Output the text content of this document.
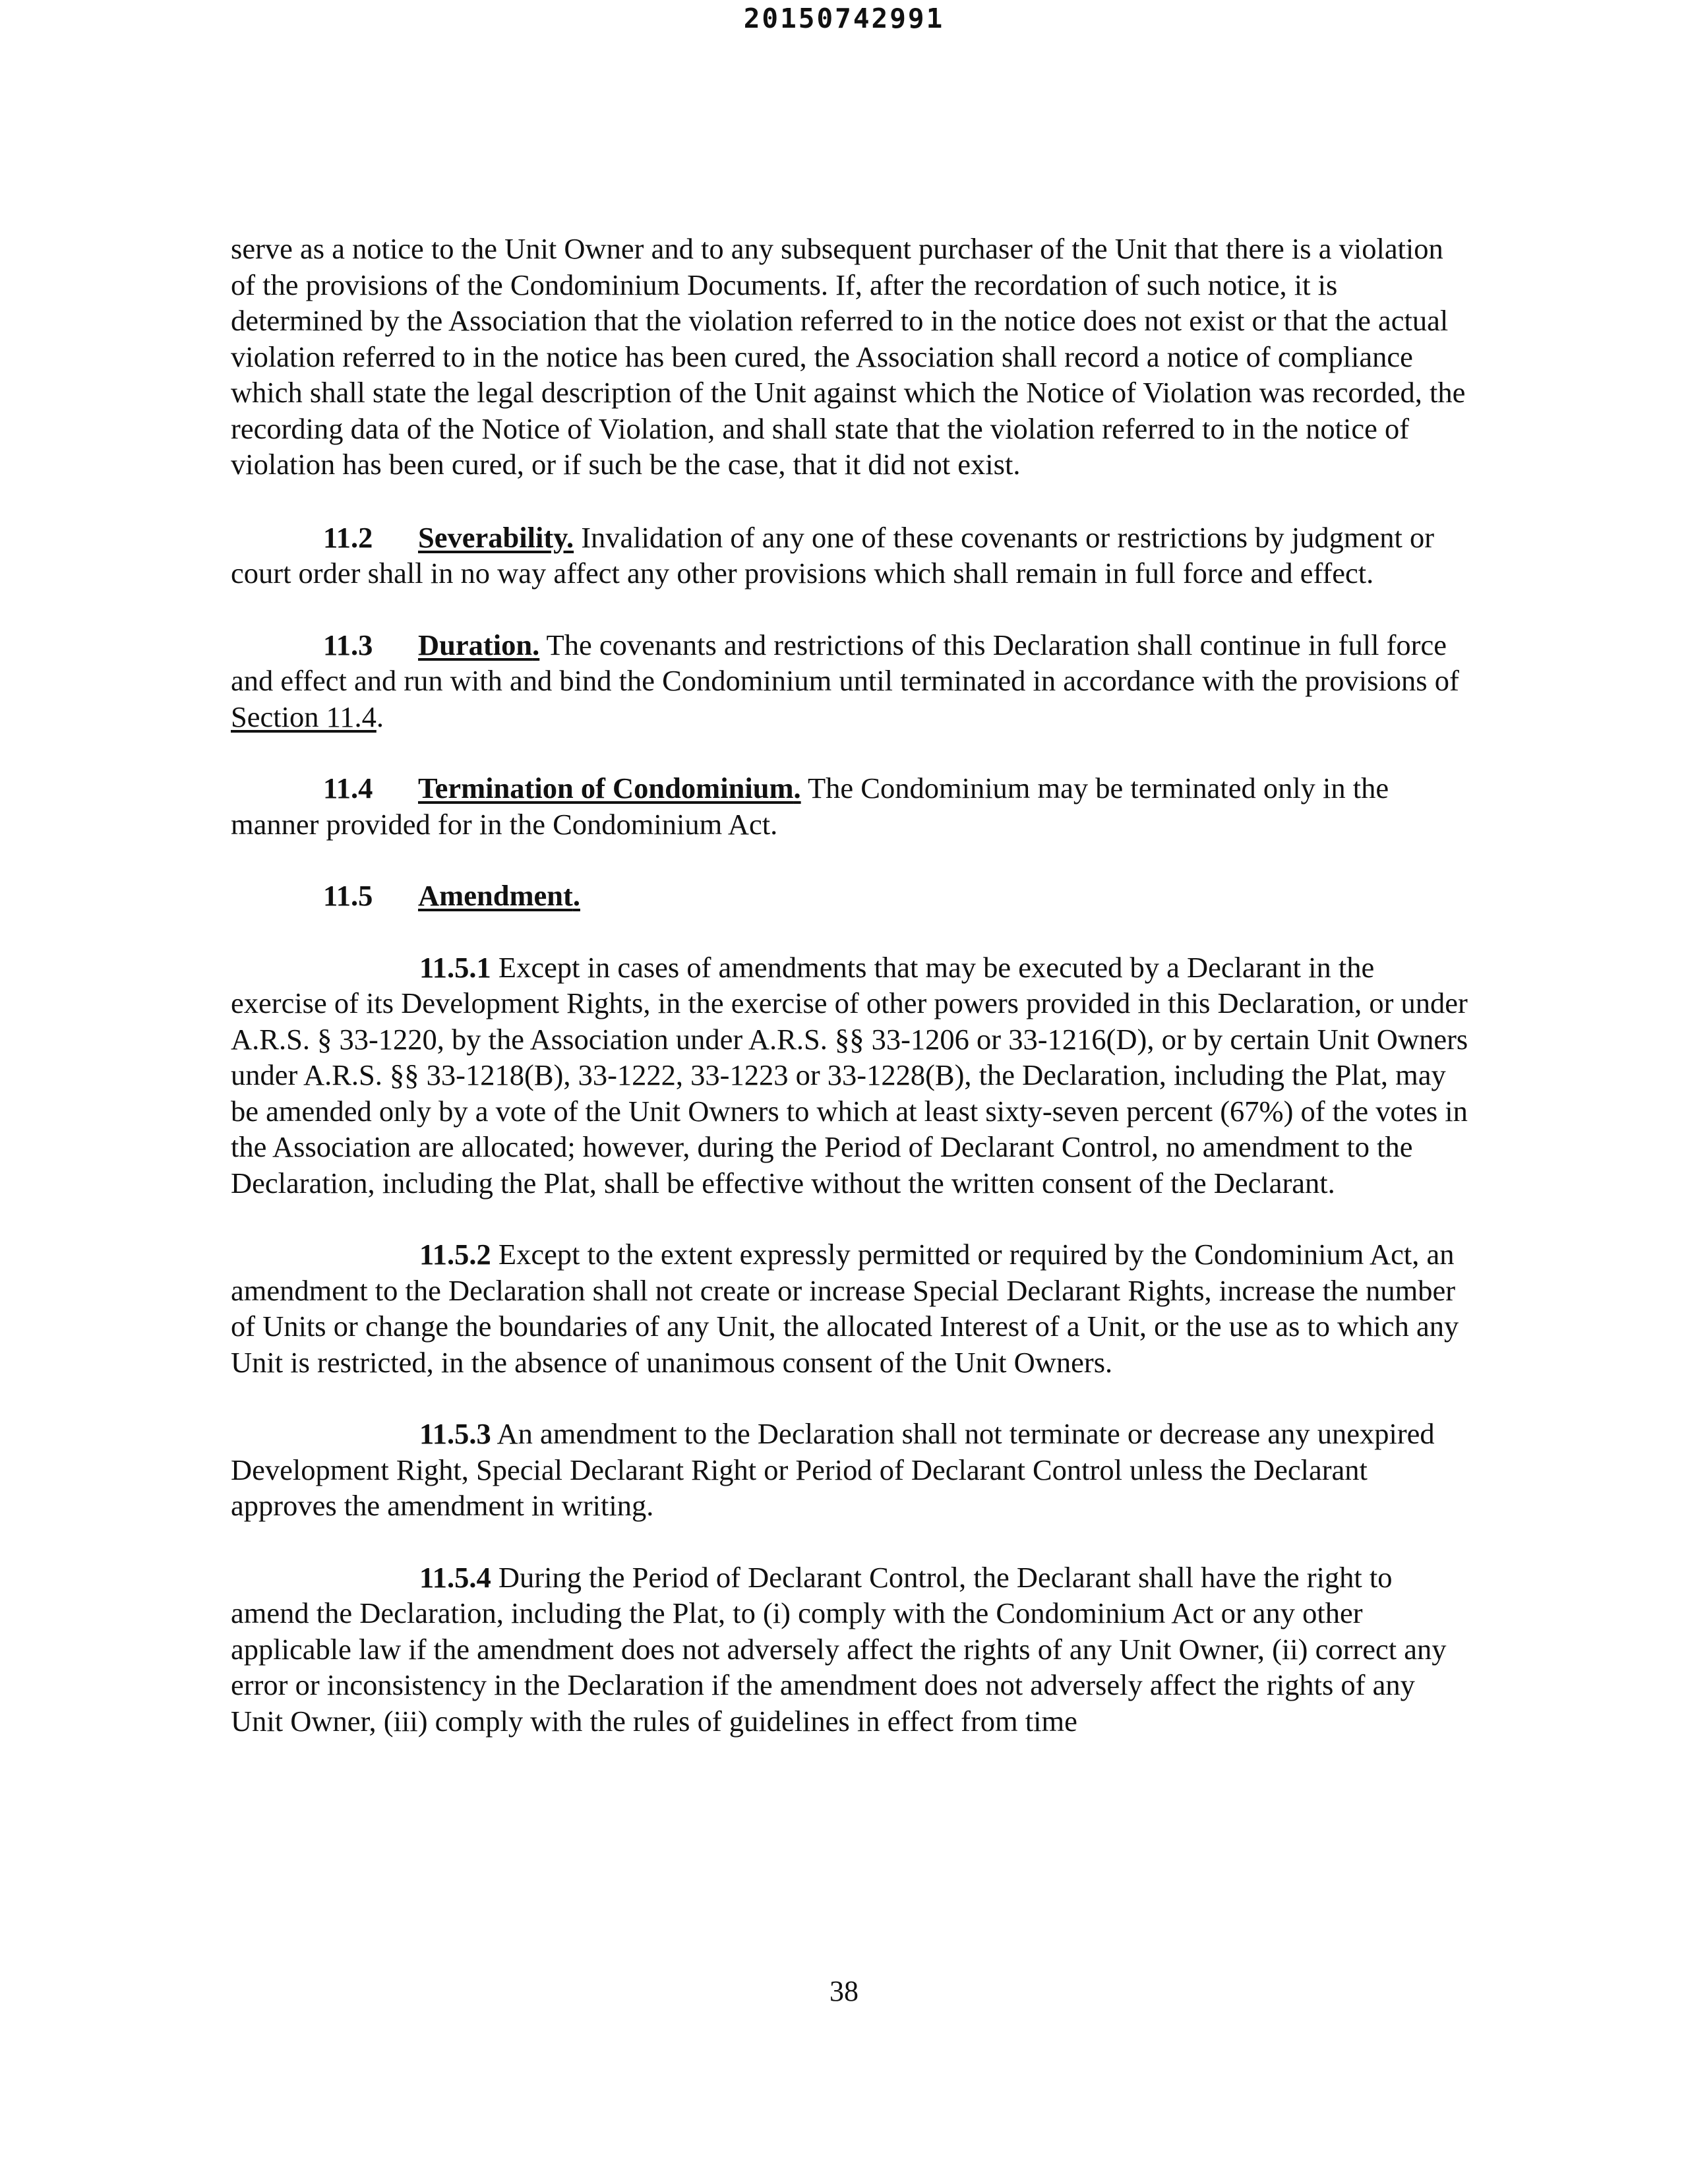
20150742991

serve as a notice to the Unit Owner and to any subsequent purchaser of the Unit that there is a violation of the provisions of the Condominium Documents. If, after the recordation of such notice, it is determined by the Association that the violation referred to in the notice does not exist or that the actual violation referred to in the notice has been cured, the Association shall record a notice of compliance which shall state the legal description of the Unit against which the Notice of Violation was recorded, the recording data of the Notice of Violation, and shall state that the violation referred to in the notice of violation has been cured, or if such be the case, that it did not exist.

11.2 Severability. Invalidation of any one of these covenants or restrictions by judgment or court order shall in no way affect any other provisions which shall remain in full force and effect.

11.3 Duration. The covenants and restrictions of this Declaration shall continue in full force and effect and run with and bind the Condominium until terminated in accordance with the provisions of Section 11.4.

11.4 Termination of Condominium. The Condominium may be terminated only in the manner provided for in the Condominium Act.

11.5 Amendment.

11.5.1 Except in cases of amendments that may be executed by a Declarant in the exercise of its Development Rights, in the exercise of other powers provided in this Declaration, or under A.R.S. § 33-1220, by the Association under A.R.S. §§ 33-1206 or 33-1216(D), or by certain Unit Owners under A.R.S. §§ 33-1218(B), 33-1222, 33-1223 or 33-1228(B), the Declaration, including the Plat, may be amended only by a vote of the Unit Owners to which at least sixty-seven percent (67%) of the votes in the Association are allocated; however, during the Period of Declarant Control, no amendment to the Declaration, including the Plat, shall be effective without the written consent of the Declarant.

11.5.2 Except to the extent expressly permitted or required by the Condominium Act, an amendment to the Declaration shall not create or increase Special Declarant Rights, increase the number of Units or change the boundaries of any Unit, the allocated Interest of a Unit, or the use as to which any Unit is restricted, in the absence of unanimous consent of the Unit Owners.

11.5.3 An amendment to the Declaration shall not terminate or decrease any unexpired Development Right, Special Declarant Right or Period of Declarant Control unless the Declarant approves the amendment in writing.

11.5.4 During the Period of Declarant Control, the Declarant shall have the right to amend the Declaration, including the Plat, to (i) comply with the Condominium Act or any other applicable law if the amendment does not adversely affect the rights of any Unit Owner, (ii) correct any error or inconsistency in the Declaration if the amendment does not adversely affect the rights of any Unit Owner, (iii) comply with the rules of guidelines in effect from time

38
